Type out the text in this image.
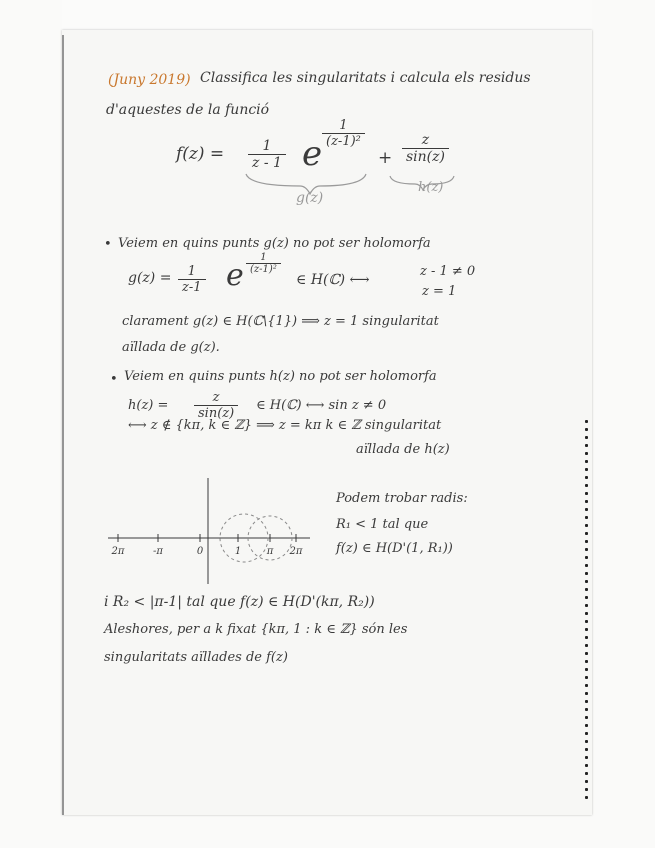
(Juny 2019) Classifica les singularitats i calcula els residus
d'aquestes de la funció
$f(z) = \frac{1}{z - 1}$ e
$\frac{1}{\text{(z-1)²}}$
+ $\frac{z}{\sin(z)}$
g(z)
h(z)
• Veiem en quins punts g(z) no pot ser holomorfa
$g(z) = \frac{1}{z-1}$ e $\frac{1}{\text{(z-1)²}}$
∈ H(ℂ) ⟷
z - 1 ≠ 0
z = 1
clarament g(z) ∈ H(ℂ\{1}) ⟹ z = 1 singularitat
aïllada de g(z).
• Veiem en quins punts h(z) no pot ser holomorfa
$h(z) = \frac{z}{\sin(z)}$ ∈ H(ℂ) ⟷ sin z ≠ 0
⟷ z ∉ {kπ, k ∈ ℤ} ⟹ z = kπ k ∈ ℤ singularitat
aïllada de h(z)
2π	-π	0	1	π 2π
Podem trobar radis:
R₁ < 1 tal que
f(z) ∈ H(D'(1, R₁))
i R₂ < |π-1| tal que f(z) ∈ H(D'(kπ, R₂))
Aleshores, per a k fixat {kπ, 1 : k ∈ ℤ} són les
singularitats aïllades de f(z)
